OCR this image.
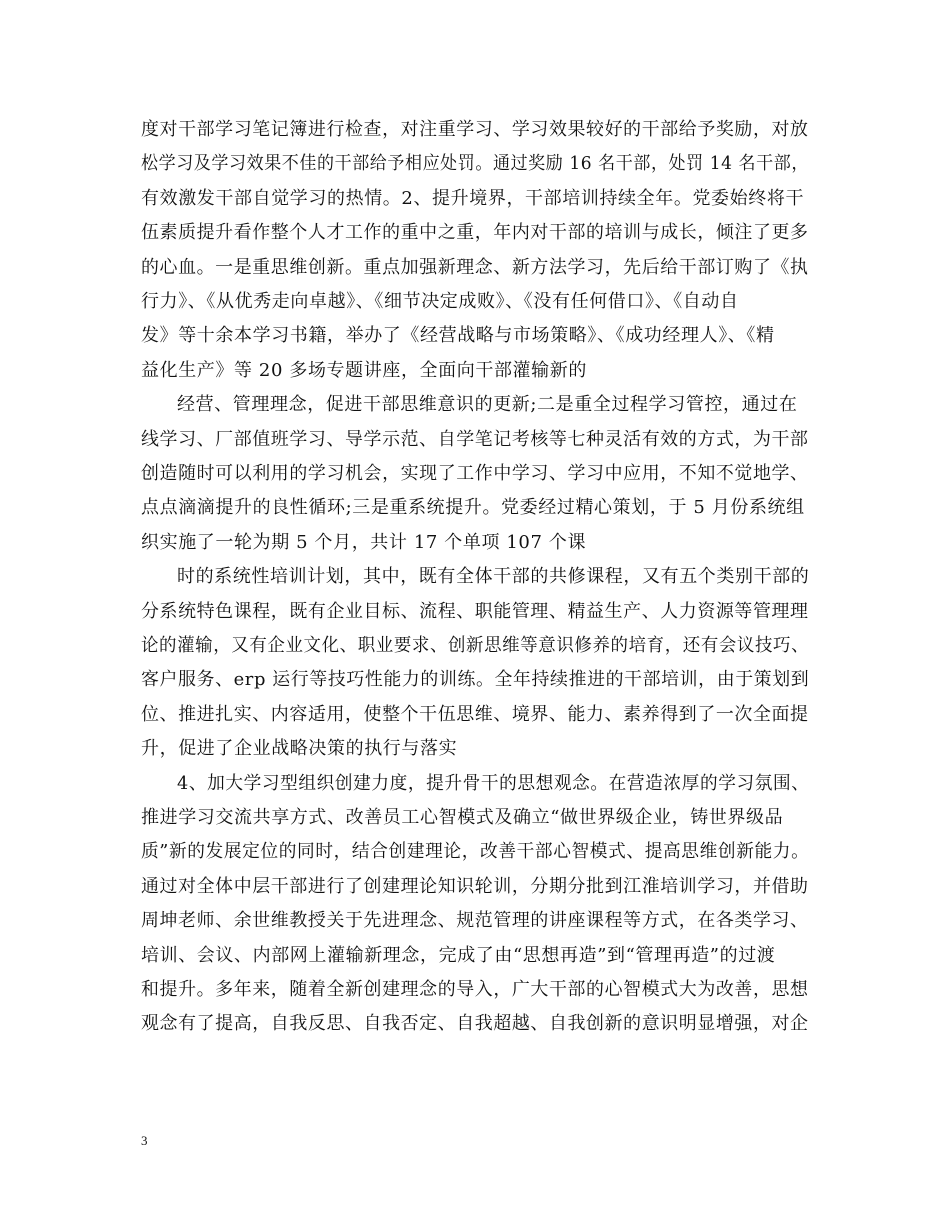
度对干部学习笔记簿进行检查，对注重学习、学习效果较好的干部给予奖励，对放
松学习及学习效果不佳的干部给予相应处罚。通过奖励 16 名干部，处罚 14 名干部，
有效激发干部自觉学习的热情。2、提升境界，干部培训持续全年。党委始终将干
伍素质提升看作整个人才工作的重中之重，年内对干部的培训与成长，倾注了更多
的心血。一是重思维创新。重点加强新理念、新方法学习，先后给干部订购了《执
行力》、《从优秀走向卓越》、《细节决定成败》、《没有任何借口》、《自动自
发》等十余本学习书籍，举办了《经营战略与市场策略》、《成功经理人》、《精
益化生产》等 20 多场专题讲座，全面向干部灌输新的
经营、管理理念，促进干部思维意识的更新;二是重全过程学习管控，通过在
线学习、厂部值班学习、导学示范、自学笔记考核等七种灵活有效的方式，为干部
创造随时可以利用的学习机会，实现了工作中学习、学习中应用，不知不觉地学、
点点滴滴提升的良性循环;三是重系统提升。党委经过精心策划，于 5 月份系统组
织实施了一轮为期 5 个月，共计 17 个单项 107 个课
时的系统性培训计划，其中，既有全体干部的共修课程，又有五个类别干部的
分系统特色课程，既有企业目标、流程、职能管理、精益生产、人力资源等管理理
论的灌输，又有企业文化、职业要求、创新思维等意识修养的培育，还有会议技巧、
客户服务、erp 运行等技巧性能力的训练。全年持续推进的干部培训，由于策划到
位、推进扎实、内容适用，使整个干伍思维、境界、能力、素养得到了一次全面提
升，促进了企业战略决策的执行与落实
4、加大学习型组织创建力度，提升骨干的思想观念。在营造浓厚的学习氛围、
推进学习交流共享方式、改善员工心智模式及确立“做世界级企业，铸世界级品
质”新的发展定位的同时，结合创建理论，改善干部心智模式、提高思维创新能力。
通过对全体中层干部进行了创建理论知识轮训，分期分批到江淮培训学习，并借助
周坤老师、余世维教授关于先进理念、规范管理的讲座课程等方式，在各类学习、
培训、会议、内部网上灌输新理念，完成了由“思想再造”到“管理再造”的过渡
和提升。多年来，随着全新创建理念的导入，广大干部的心智模式大为改善，思想
观念有了提高，自我反思、自我否定、自我超越、自我创新的意识明显增强，对企
3
